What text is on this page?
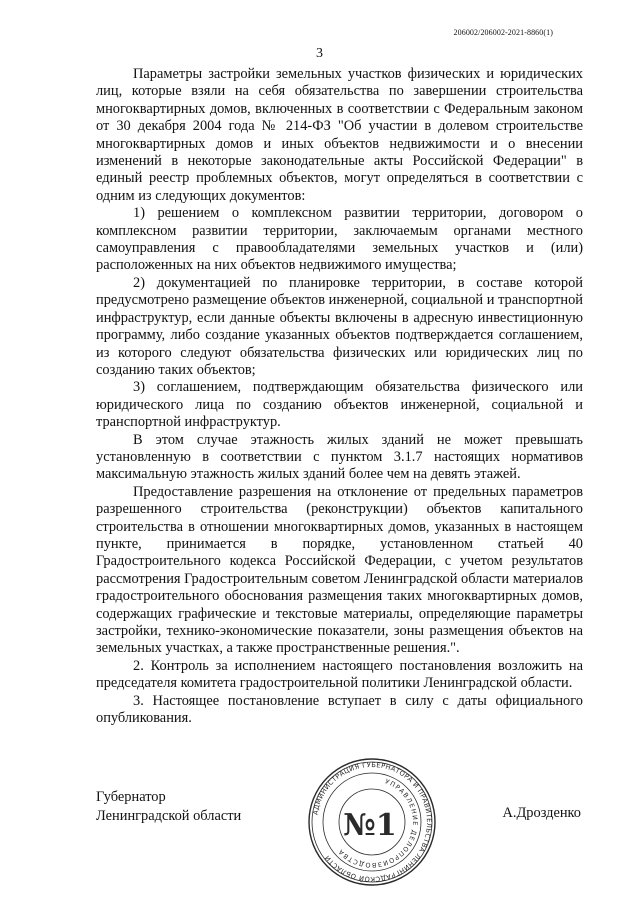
206002/206002-2021-8860(1)
3

Параметры застройки земельных участков физических и юридических лиц, которые взяли на себя обязательства по завершении строительства многоквартирных домов, включенных в соответствии с Федеральным законом от 30 декабря 2004 года № 214-ФЗ "Об участии в долевом строительстве многоквартирных домов и иных объектов недвижимости и о внесении изменений в некоторые законодательные акты Российской Федерации" в единый реестр проблемных объектов, могут определяться в соответствии с одним из следующих документов:

1) решением о комплексном развитии территории, договором о комплексном развитии территории, заключаемым органами местного самоуправления с правообладателями земельных участков и (или) расположенных на них объектов недвижимого имущества;

2) документацией по планировке территории, в составе которой предусмотрено размещение объектов инженерной, социальной и транспортной инфраструктур, если данные объекты включены в адресную инвестиционную программу, либо создание указанных объектов подтверждается соглашением, из которого следуют обязательства физических или юридических лиц по созданию таких объектов;

3) соглашением, подтверждающим обязательства физического или юридического лица по созданию объектов инженерной, социальной и транспортной инфраструктур.

В этом случае этажность жилых зданий не может превышать установленную в соответствии с пунктом 3.1.7 настоящих нормативов максимальную этажность жилых зданий более чем на девять этажей.

Предоставление разрешения на отклонение от предельных параметров разрешенного строительства (реконструкции) объектов капитального строительства в отношении многоквартирных домов, указанных в настоящем пункте, принимается в порядке, установленном статьей 40 Градостроительного кодекса Российской Федерации, с учетом результатов рассмотрения Градостроительным советом Ленинградской области материалов градостроительного обоснования размещения таких многоквартирных домов, содержащих графические и текстовые материалы, определяющие параметры застройки, технико-экономические показатели, зоны размещения объектов на земельных участках, а также пространственные решения.".

2. Контроль за исполнением настоящего постановления возложить на председателя комитета градостроительной политики Ленинградской области.

3. Настоящее постановление вступает в силу с даты официального опубликования.

Губернатор
Ленинградской области	А.Дрозденко
АДМИНИСТРАЦИЯ ГУБЕРНАТОРА И ПРАВИТЕЛЬСТВА ЛЕНИНГРАДСКОЙ ОБЛАСТИ
УПРАВЛЕНИЕ ДЕЛОПРОИЗВОДСТВА
№1
